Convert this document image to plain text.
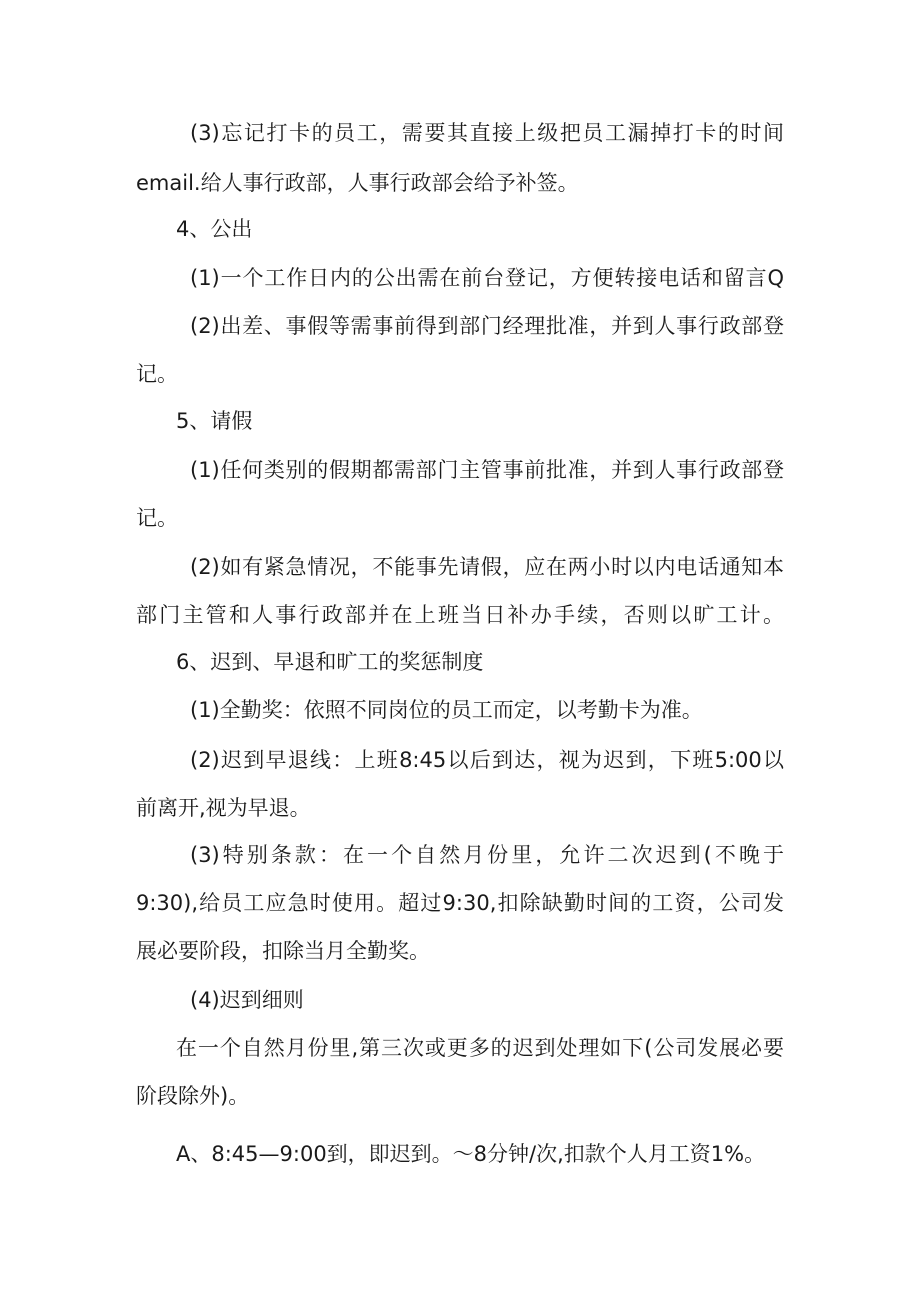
(3)忘记打卡的员工，需要其直接上级把员工漏掉打卡的时间
email.给人事行政部，人事行政部会给予补签。
4、公出
(1)一个工作日内的公出需在前台登记，方便转接电话和留言Q
(2)出差、事假等需事前得到部门经理批准，并到人事行政部登
记。
5、请假
(1)任何类别的假期都需部门主管事前批准，并到人事行政部登
记。
(2)如有紧急情况，不能事先请假，应在两小时以内电话通知本
部门主管和人事行政部并在上班当日补办手续，否则以旷工计。
6、迟到、早退和旷工的奖惩制度
(1)全勤奖：依照不同岗位的员工而定，以考勤卡为准。
(2)迟到早退线：上班8:45以后到达，视为迟到，下班5:00以
前离开,视为早退。
(3)特别条款：在一个自然月份里，允许二次迟到(不晚于
9:30),给员工应急时使用。超过9:30,扣除缺勤时间的工资，公司发
展必要阶段，扣除当月全勤奖。
(4)迟到细则
在一个自然月份里,第三次或更多的迟到处理如下(公司发展必要
阶段除外)。
A、8:45—9:00到，即迟到。～8分钟/次,扣款个人月工资1%。
